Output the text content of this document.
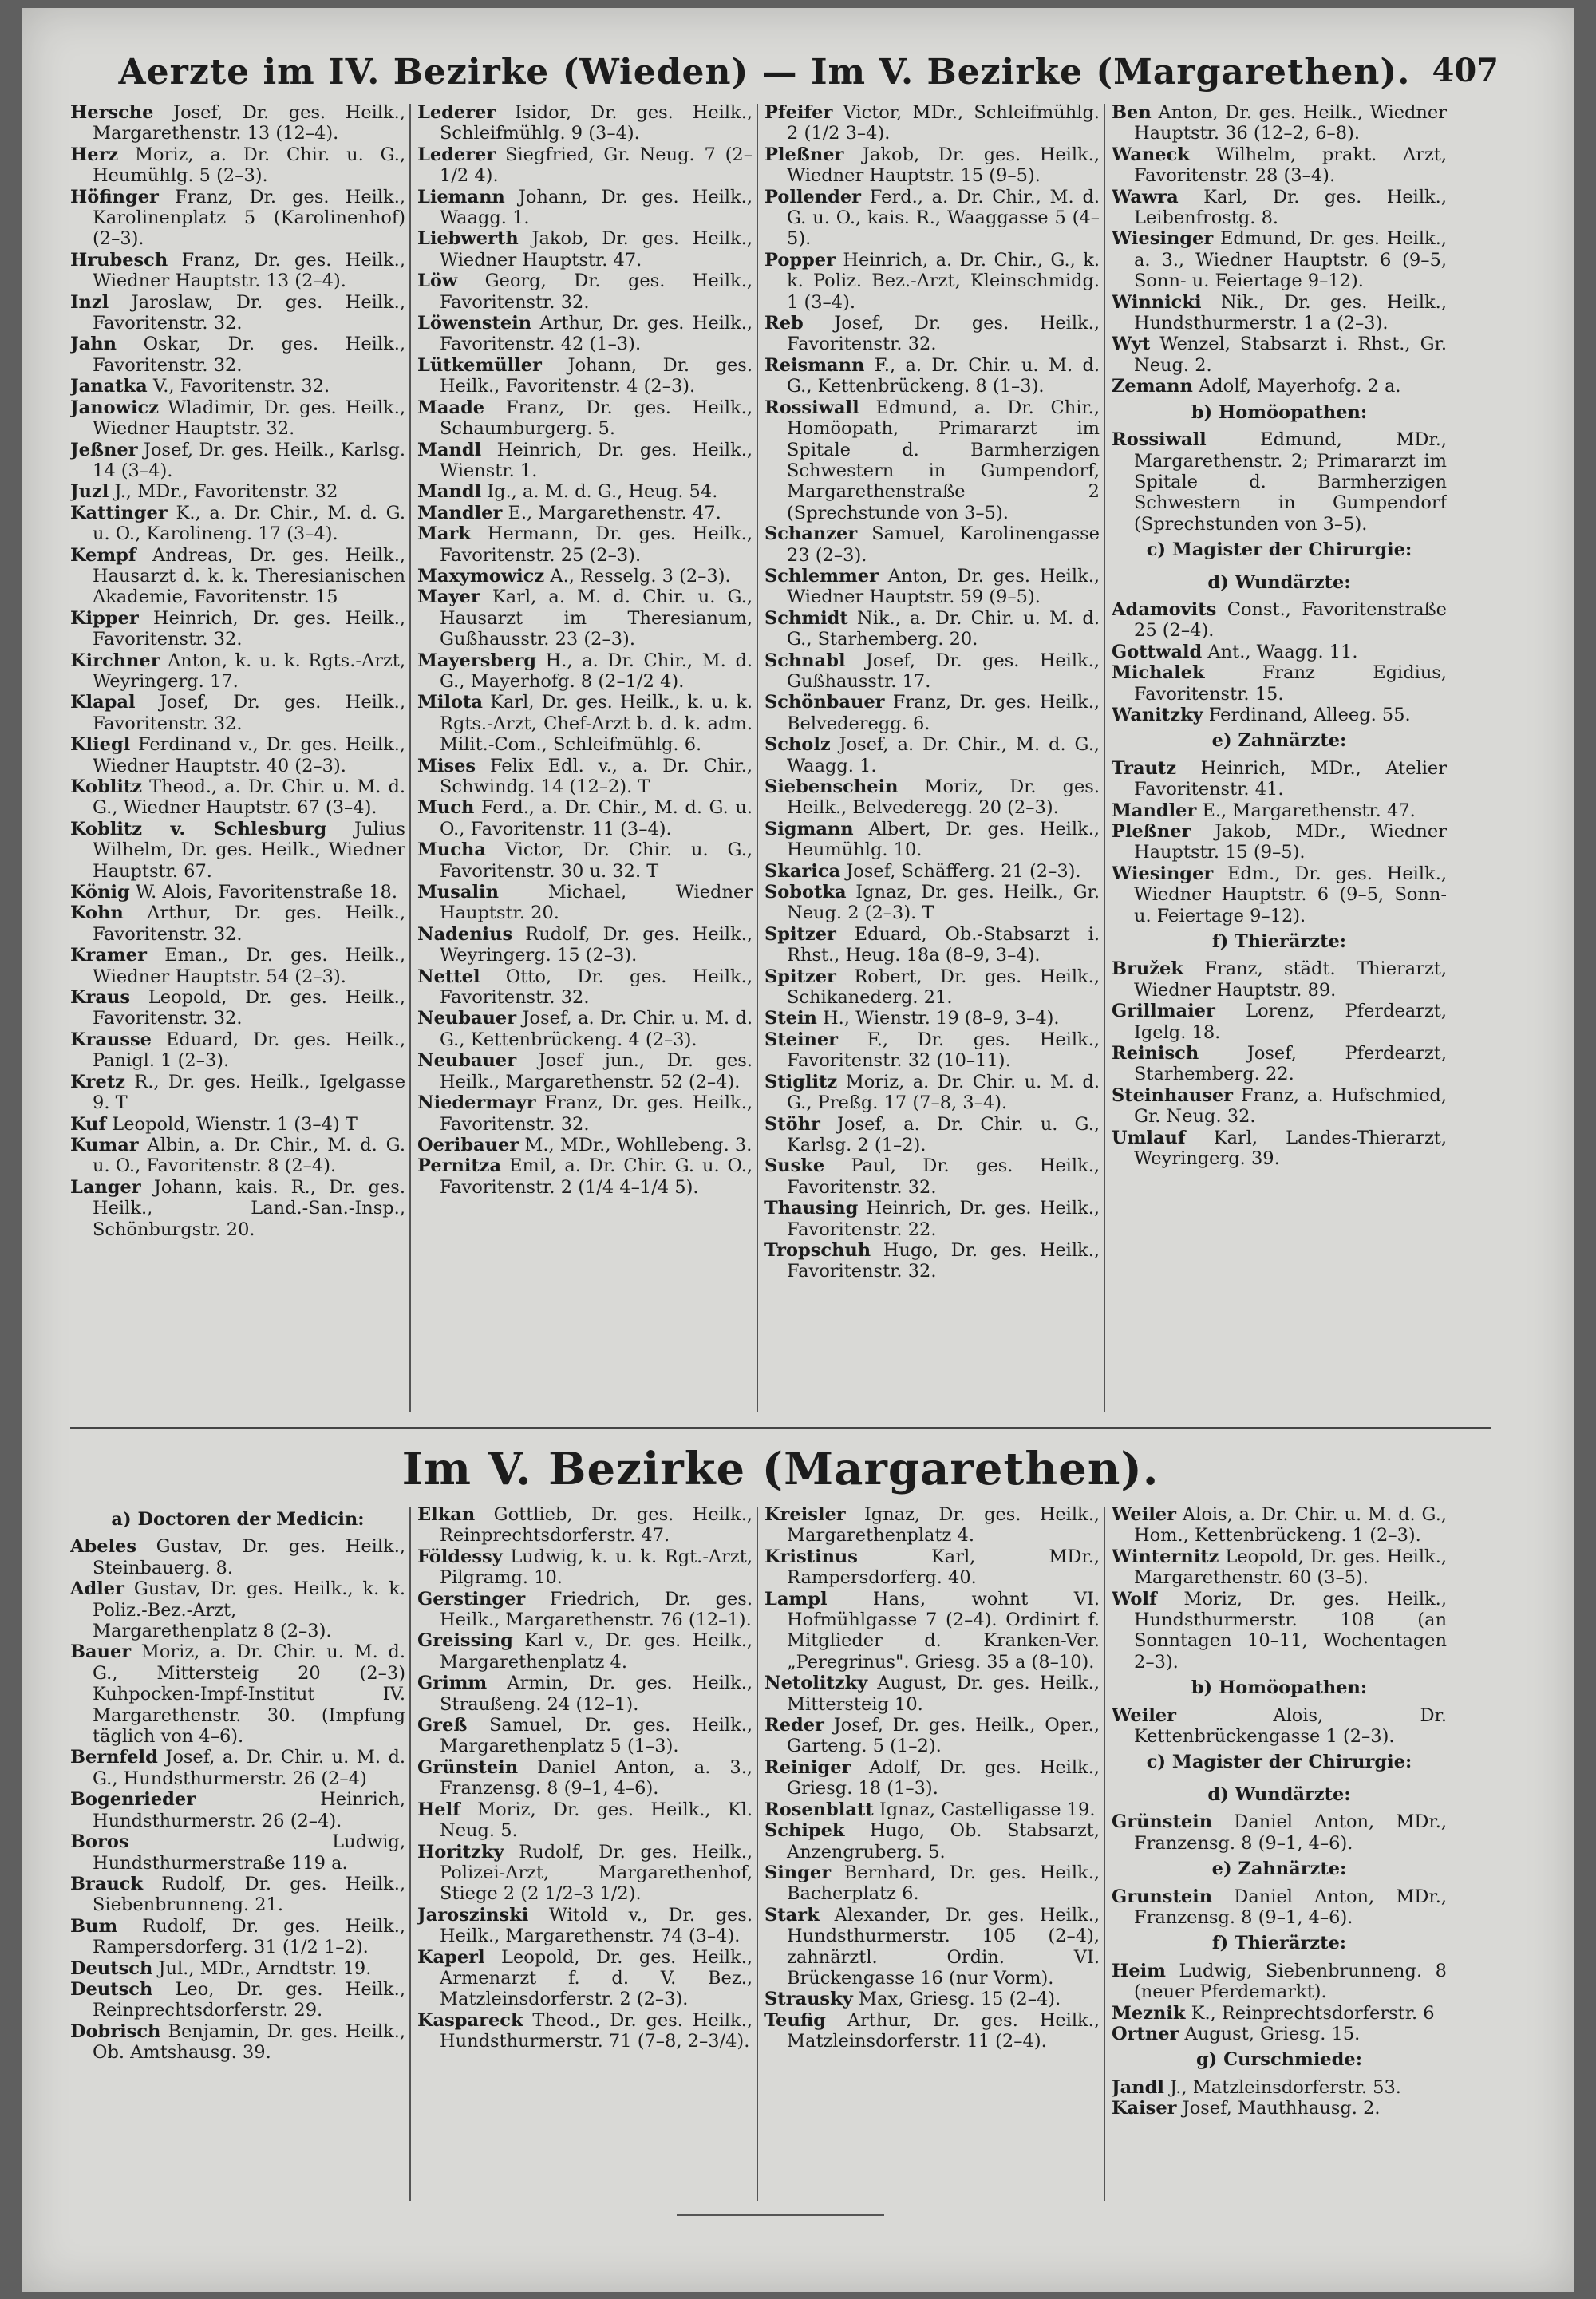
Aerzte im IV. Bezirke (Wieden) — Im V. Bezirke (Margarethen). 407

Hersche Josef, Dr. ges. Heilk., Margarethenstr. 13 (12–4).

Herz Moriz, a. Dr. Chir. u. G., Heumühlg. 5 (2–3).

Höfinger Franz, Dr. ges. Heilk., Karolinenplatz 5 (Karolinenhof) (2–3).

Hrubesch Franz, Dr. ges. Heilk., Wiedner Hauptstr. 13 (2–4).

Inzl Jaroslaw, Dr. ges. Heilk., Favoritenstr. 32.

Jahn Oskar, Dr. ges. Heilk., Favoritenstr. 32.

Janatka V., Favoritenstr. 32.

Janowicz Wladimir, Dr. ges. Heilk., Wiedner Hauptstr. 32.

Jeßner Josef, Dr. ges. Heilk., Karlsg. 14 (3–4).

Juzl J., MDr., Favoritenstr. 32

Kattinger K., a. Dr. Chir., M. d. G. u. O., Karolineng. 17 (3–4).

Kempf Andreas, Dr. ges. Heilk., Hausarzt d. k. k. Theresianischen Akademie, Favoritenstr. 15

Kipper Heinrich, Dr. ges. Heilk., Favoritenstr. 32.

Kirchner Anton, k. u. k. Rgts.-Arzt, Weyringerg. 17.

Klapal Josef, Dr. ges. Heilk., Favoritenstr. 32.

Kliegl Ferdinand v., Dr. ges. Heilk., Wiedner Hauptstr. 40 (2–3).

Koblitz Theod., a. Dr. Chir. u. M. d. G., Wiedner Hauptstr. 67 (3–4).

Koblitz v. Schlesburg Julius Wilhelm, Dr. ges. Heilk., Wiedner Hauptstr. 67.

König W. Alois, Favoritenstraße 18.

Kohn Arthur, Dr. ges. Heilk., Favoritenstr. 32.

Kramer Eman., Dr. ges. Heilk., Wiedner Hauptstr. 54 (2–3).

Kraus Leopold, Dr. ges. Heilk., Favoritenstr. 32.

Krausse Eduard, Dr. ges. Heilk., Panigl. 1 (2–3).

Kretz R., Dr. ges. Heilk., Igelgasse 9. T

Kuf Leopold, Wienstr. 1 (3–4) T

Kumar Albin, a. Dr. Chir., M. d. G. u. O., Favoritenstr. 8 (2–4).

Langer Johann, kais. R., Dr. ges. Heilk., Land.-San.-Insp., Schönburgstr. 20.

Lederer Isidor, Dr. ges. Heilk., Schleifmühlg. 9 (3–4).

Lederer Siegfried, Gr. Neug. 7 (2–1/2 4).

Liemann Johann, Dr. ges. Heilk., Waagg. 1.

Liebwerth Jakob, Dr. ges. Heilk., Wiedner Hauptstr. 47.

Löw Georg, Dr. ges. Heilk., Favoritenstr. 32.

Löwenstein Arthur, Dr. ges. Heilk., Favoritenstr. 42 (1–3).

Lütkemüller Johann, Dr. ges. Heilk., Favoritenstr. 4 (2–3).

Maade Franz, Dr. ges. Heilk., Schaumburgerg. 5.

Mandl Heinrich, Dr. ges. Heilk., Wienstr. 1.

Mandl Ig., a. M. d. G., Heug. 54.

Mandler E., Margarethenstr. 47.

Mark Hermann, Dr. ges. Heilk., Favoritenstr. 25 (2–3).

Maxymowicz A., Resselg. 3 (2–3).

Mayer Karl, a. M. d. Chir. u. G., Hausarzt im Theresianum, Gußhausstr. 23 (2–3).

Mayersberg H., a. Dr. Chir., M. d. G., Mayerhofg. 8 (2–1/2 4).

Milota Karl, Dr. ges. Heilk., k. u. k. Rgts.-Arzt, Chef-Arzt b. d. k. adm. Milit.-Com., Schleifmühlg. 6.

Mises Felix Edl. v., a. Dr. Chir., Schwindg. 14 (12–2). T

Much Ferd., a. Dr. Chir., M. d. G. u. O., Favoritenstr. 11 (3–4).

Mucha Victor, Dr. Chir. u. G., Favoritenstr. 30 u. 32. T

Musalin	Michael, Wiedner Hauptstr. 20.

Nadenius Rudolf, Dr. ges. Heilk., Weyringerg. 15 (2–3).

Nettel Otto, Dr. ges. Heilk., Favoritenstr. 32.

Neubauer Josef, a. Dr. Chir. u. M. d. G., Kettenbrückeng. 4 (2–3).

Neubauer Josef jun., Dr. ges. Heilk., Margarethenstr. 52 (2–4).

Niedermayr Franz, Dr. ges. Heilk., Favoritenstr. 32.

Oeribauer M., MDr., Wohllebeng. 3.

Pernitza Emil, a. Dr. Chir. G. u. O., Favoritenstr. 2 (1/4 4–1/4 5).

Pfeifer Victor, MDr., Schleifmühlg. 2 (1/2 3–4).

Pleßner Jakob, Dr. ges. Heilk., Wiedner Hauptstr. 15 (9–5).

Pollender Ferd., a. Dr. Chir., M. d. G. u. O., kais. R., Waaggasse 5 (4–5).

Popper Heinrich, a. Dr. Chir., G., k. k. Poliz. Bez.-Arzt, Kleinschmidg. 1 (3–4).

Reb Josef, Dr. ges. Heilk., Favoritenstr. 32.

Reismann F., a. Dr. Chir. u. M. d. G., Kettenbrückeng. 8 (1–3).

Rossiwall Edmund, a. Dr. Chir., Homöopath, Primararzt im Spitale d. Barmherzigen Schwestern in Gumpendorf, Margarethenstraße 2 (Sprechstunde von 3–5).

Schanzer Samuel, Karolinengasse 23 (2–3).

Schlemmer Anton, Dr. ges. Heilk., Wiedner Hauptstr. 59 (9–5).

Schmidt Nik., a. Dr. Chir. u. M. d. G., Starhemberg. 20.

Schnabl Josef, Dr. ges. Heilk., Gußhausstr. 17.

Schönbauer Franz, Dr. ges. Heilk., Belvederegg. 6.

Scholz Josef, a. Dr. Chir., M. d. G., Waagg. 1.

Siebenschein Moriz, Dr. ges. Heilk., Belvederegg. 20 (2–3).

Sigmann Albert, Dr. ges. Heilk., Heumühlg. 10.

Skarica Josef, Schäfferg. 21 (2–3).

Sobotka Ignaz, Dr. ges. Heilk., Gr. Neug. 2 (2–3). T

Spitzer Eduard, Ob.-Stabsarzt i. Rhst., Heug. 18a (8–9, 3–4).

Spitzer Robert, Dr. ges. Heilk., Schikanederg. 21.

Stein H., Wienstr. 19 (8–9, 3–4).

Steiner F., Dr. ges. Heilk., Favoritenstr. 32 (10–11).

Stiglitz Moriz, a. Dr. Chir. u. M. d. G., Preßg. 17 (7–8, 3–4).

Stöhr Josef, a. Dr. Chir. u. G., Karlsg. 2 (1–2).

Suske Paul, Dr. ges. Heilk., Favoritenstr. 32.

Thausing Heinrich, Dr. ges. Heilk., Favoritenstr. 22.

Tropschuh Hugo, Dr. ges. Heilk., Favoritenstr. 32.

Ben Anton, Dr. ges. Heilk., Wiedner Hauptstr. 36 (12–2, 6–8).

Waneck Wilhelm, prakt. Arzt, Favoritenstr. 28 (3–4).

Wawra Karl, Dr. ges. Heilk., Leibenfrostg. 8.

Wiesinger Edmund, Dr. ges. Heilk., a. 3., Wiedner Hauptstr. 6 (9–5, Sonn- u. Feiertage 9–12).

Winnicki Nik., Dr. ges. Heilk., Hundsthurmerstr. 1 a (2–3).

Wyt Wenzel, Stabsarzt i. Rhst., Gr. Neug. 2.

Zemann Adolf, Mayerhofg. 2 a.

b) Homöopathen:

Rossiwall	Edmund, MDr., Margarethenstr. 2; Primararzt im Spitale d. Barmherzigen Schwestern in Gumpendorf (Sprechstunden von 3–5).

c) Magister der Chirurgie:
d) Wundärzte:

Adamovits Const., Favoritenstraße 25 (2–4).

Gottwald Ant., Waagg. 11.

Michalek	Franz Egidius, Favoritenstr. 15.

Wanitzky Ferdinand, Alleeg. 55.

e) Zahnärzte:

Trautz Heinrich, MDr., Atelier Favoritenstr. 41.

Mandler E., Margarethenstr. 47.

Pleßner Jakob, MDr., Wiedner Hauptstr. 15 (9–5).

Wiesinger Edm., Dr. ges. Heilk., Wiedner Hauptstr. 6 (9–5, Sonn- u. Feiertage 9–12).

f) Thierärzte:

Bružek Franz, städt. Thierarzt, Wiedner Hauptstr. 89.

Grillmaier Lorenz, Pferdearzt, Igelg. 18.

Reinisch	Josef, Pferdearzt, Starhemberg. 22.

Steinhauser Franz, a. Hufschmied, Gr. Neug. 32.

Umlauf Karl, Landes-Thierarzt, Weyringerg. 39.

Im V. Bezirke (Margarethen).
a) Doctoren der Medicin:

Abeles Gustav, Dr. ges. Heilk., Steinbauerg. 8.

Adler Gustav, Dr. ges. Heilk., k. k. Poliz.-Bez.-Arzt, Margarethenplatz 8 (2–3).

Bauer Moriz, a. Dr. Chir. u. M. d. G., Mittersteig 20 (2–3) Kuhpocken-Impf-Institut IV. Margarethenstr. 30. (Impfung täglich von 4–6).

Bernfeld Josef, a. Dr. Chir. u. M. d. G., Hundsthurmerstr. 26 (2–4)

Bogenrieder	Heinrich, Hundsthurmerstr. 26 (2–4).

Boros	Ludwig, Hundsthurmerstraße 119 a.

Brauck Rudolf, Dr. ges. Heilk., Siebenbrunneng. 21.

Bum Rudolf, Dr. ges. Heilk., Rampersdorferg. 31 (1/2 1–2).

Deutsch Jul., MDr., Arndtstr. 19.

Deutsch Leo, Dr. ges. Heilk., Reinprechtsdorferstr. 29.

Dobrisch Benjamin, Dr. ges. Heilk., Ob. Amtshausg. 39.

Elkan Gottlieb, Dr. ges. Heilk., Reinprechtsdorferstr. 47.

Földessy Ludwig, k. u. k. Rgt.-Arzt, Pilgramg. 10.

Gerstinger Friedrich, Dr. ges. Heilk., Margarethenstr. 76 (12–1).

Greissing Karl v., Dr. ges. Heilk., Margarethenplatz 4.

Grimm Armin, Dr. ges. Heilk., Straußeng. 24 (12–1).

Greß Samuel, Dr. ges. Heilk., Margarethenplatz 5 (1–3).

Grünstein Daniel Anton, a. 3., Franzensg. 8 (9–1, 4–6).

Helf Moriz, Dr. ges. Heilk., Kl. Neug. 5.

Horitzky Rudolf, Dr. ges. Heilk., Polizei-Arzt, Margarethenhof, Stiege 2 (2 1/2–3 1/2).

Jaroszinski Witold v., Dr. ges. Heilk., Margarethenstr. 74 (3–4).

Kaperl Leopold, Dr. ges. Heilk., Armenarzt f. d. V. Bez., Matzleinsdorferstr. 2 (2–3).

Kaspareck Theod., Dr. ges. Heilk., Hundsthurmerstr. 71 (7–8, 2–3/4).

Kreisler Ignaz, Dr. ges. Heilk., Margarethenplatz 4.

Kristinus	Karl, MDr., Rampersdorferg. 40.

Lampl	Hans, wohnt VI. Hofmühlgasse 7 (2–4). Ordinirt f. Mitglieder d. Kranken-Ver. „Peregrinus". Griesg. 35 a (8–10).

Netolitzky August, Dr. ges. Heilk., Mittersteig 10.

Reder Josef, Dr. ges. Heilk., Oper., Garteng. 5 (1–2).

Reiniger Adolf, Dr. ges. Heilk., Griesg. 18 (1–3).

Rosenblatt Ignaz, Castelligasse 19.

Schipek Hugo, Ob. Stabsarzt, Anzengruberg. 5.

Singer Bernhard, Dr. ges. Heilk., Bacherplatz 6.

Stark Alexander, Dr. ges. Heilk., Hundsthurmerstr. 105 (2–4), zahnärztl. Ordin. VI. Brückengasse 16 (nur Vorm).

Strausky Max, Griesg. 15 (2–4).

Teufig Arthur, Dr. ges. Heilk., Matzleinsdorferstr. 11 (2–4).

Weiler Alois, a. Dr. Chir. u. M. d. G., Hom., Kettenbrückeng. 1 (2–3).

Winternitz Leopold, Dr. ges. Heilk., Margarethenstr. 60 (3–5).

Wolf Moriz, Dr. ges. Heilk., Hundsthurmerstr. 108 (an Sonntagen 10–11, Wochentagen 2–3).

b) Homöopathen:

Weiler	Alois, Dr. Kettenbrückengasse 1 (2–3).

c) Magister der Chirurgie:
d) Wundärzte:

Grünstein Daniel Anton, MDr., Franzensg. 8 (9–1, 4–6).

e) Zahnärzte:

Grunstein Daniel Anton, MDr., Franzensg. 8 (9–1, 4–6).

f) Thierärzte:

Heim Ludwig, Siebenbrunneng. 8 (neuer Pferdemarkt).

Meznik K., Reinprechtsdorferstr. 6

Ortner August, Griesg. 15.

g) Curschmiede:

Jandl J., Matzleinsdorferstr. 53.

Kaiser Josef, Mauthhausg. 2.
